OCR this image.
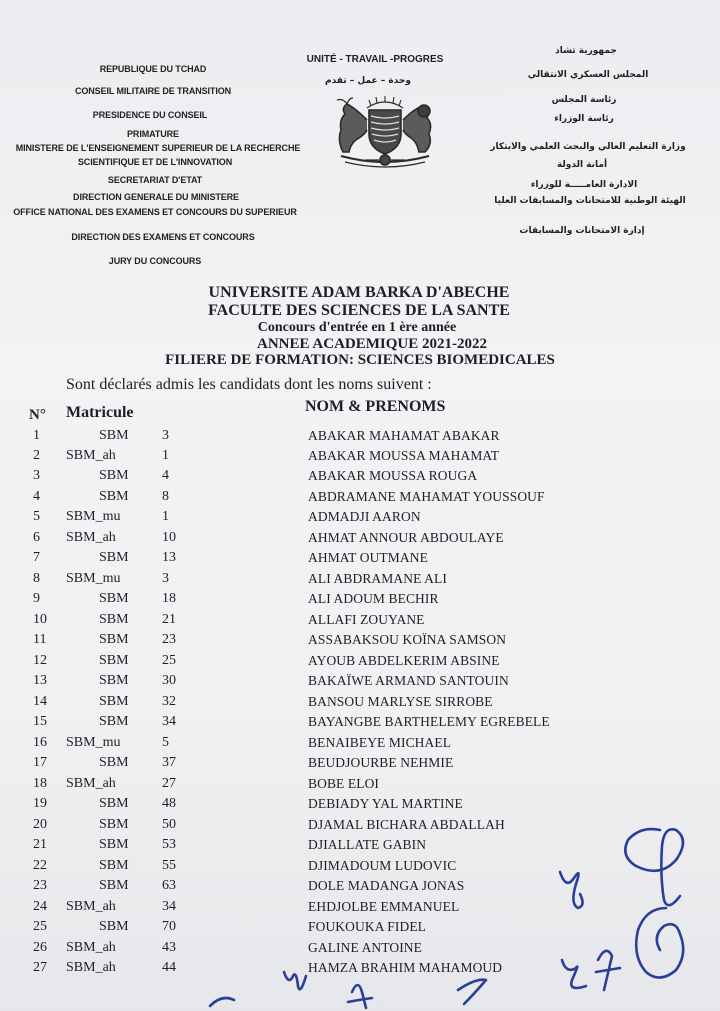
REPUBLIQUE DU TCHAD
CONSEIL MILITAIRE DE TRANSITION
PRESIDENCE DU CONSEIL
PRIMATURE
MINISTERE DE L'ENSEIGNEMENT SUPERIEUR DE LA RECHERCHE
SCIENTIFIQUE ET DE L'INNOVATION
SECRETARIAT D'ETAT
DIRECTION GENERALE DU MINISTERE
OFFICE NATIONAL DES EXAMENS ET CONCOURS DU SUPERIEUR
DIRECTION DES EXAMENS ET CONCOURS
JURY DU CONCOURS
UNITÉ - TRAVAIL -PROGRES
وحدة – عمل – تقدم
جمهورية تشاد
المجلس العسكري الانتقالي
رئاسة المجلس
رئاسة الوزراء
وزارة التعليم العالي والبحث العلمي والابتكار
أمانة الدولة
الادارة العامـــــة للوزراء
الهيئة الوطنية للامتحانات والمسابقات العليا
إدارة الامتحانات والمسابقات
UNIVERSITE ADAM BARKA D'ABECHE
FACULTE DES SCIENCES DE LA SANTE
Concours d'entrée en 1 ère année
ANNEE ACADEMIQUE 2021-2022
FILIERE DE FORMATION: SCIENCES BIOMEDICALES
Sont déclarés admis les candidats dont les noms suivent :
N° Matricule	NOM & PRENOMS
1	SBM 3	ABAKAR MAHAMAT ABAKAR
2 SBM_ah	1	ABAKAR MOUSSA MAHAMAT
3	SBM 4	ABAKAR MOUSSA ROUGA
4	SBM 8	ABDRAMANE MAHAMAT YOUSSOUF
5 SBM_mu	1	ADMADJI AARON
6 SBM_ah	10	AHMAT ANNOUR ABDOULAYE
7	SBM 13	AHMAT OUTMANE
8 SBM_mu	3	ALI ABDRAMANE ALI
9	SBM 18	ALI ADOUM BECHIR
10	SBM 21	ALLAFI ZOUYANE
11	SBM 23	ASSABAKSOU KOÏNA SAMSON
12	SBM 25	AYOUB ABDELKERIM ABSINE
13	SBM 30	BAKAÏWE ARMAND SANTOUIN
14	SBM 32	BANSOU MARLYSE SIRROBE
15	SBM 34	BAYANGBE BARTHELEMY EGREBELE
16 SBM_mu	5	BENAIBEYE MICHAEL
17	SBM 37	BEUDJOURBE NEHMIE
18 SBM_ah	27	BOBE ELOI
19	SBM 48	DEBIADY YAL MARTINE
20	SBM 50	DJAMAL BICHARA ABDALLAH
21	SBM 53	DJIALLATE GABIN
22	SBM 55	DJIMADOUM LUDOVIC
23	SBM 63	DOLE MADANGA JONAS
24 SBM_ah	34	EHDJOLBE EMMANUEL
25	SBM 70	FOUKOUKA FIDEL
26 SBM_ah	43	GALINE ANTOINE
27 SBM_ah	44	HAMZA BRAHIM MAHAMOUD
